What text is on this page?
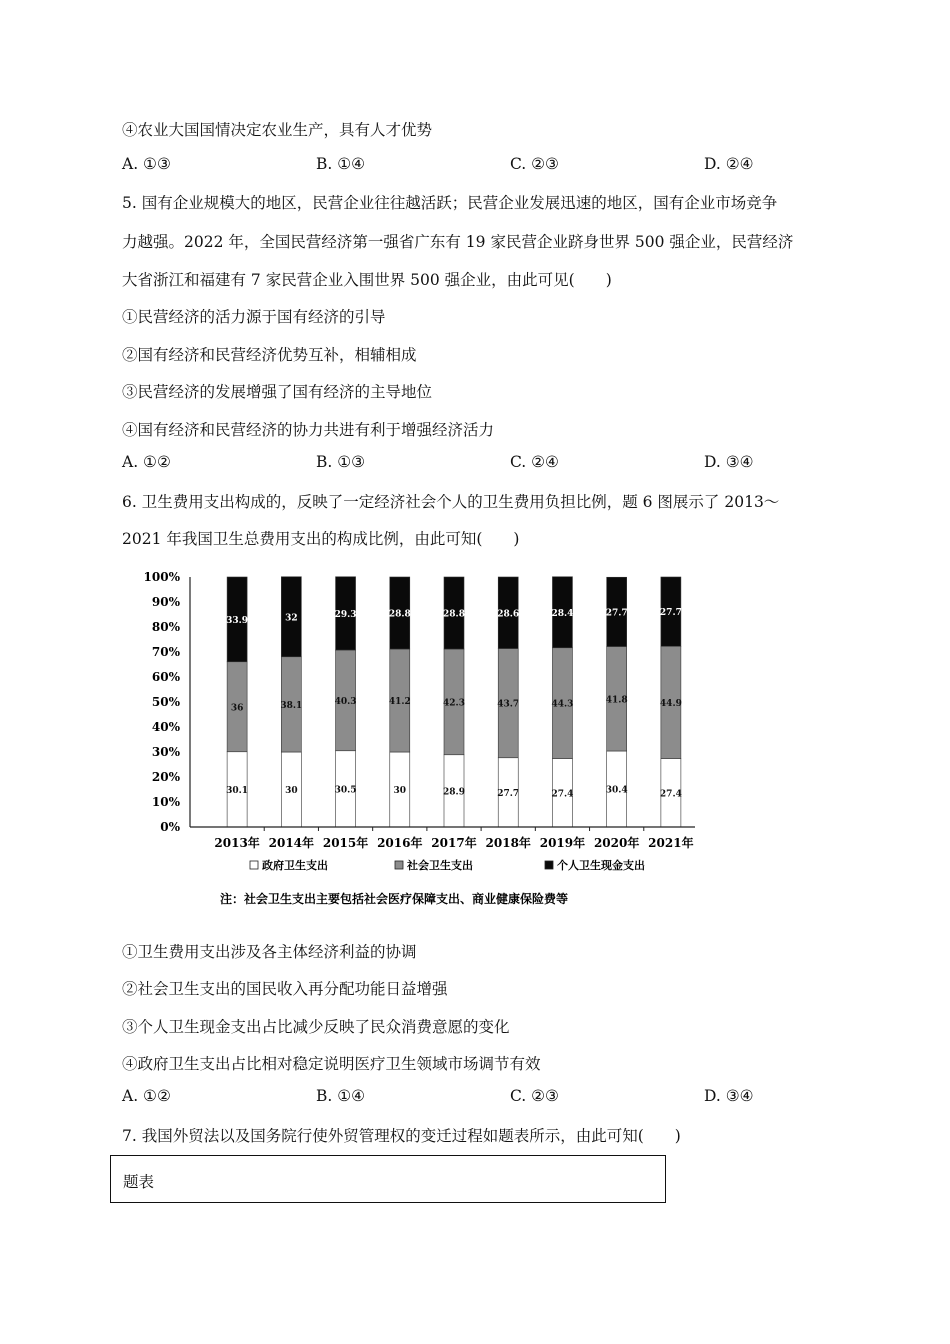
④农业大国国情决定农业生产，具有人才优势
A. ①③	B. ①④	C. ②③	D. ②④
5. 国有企业规模大的地区，民营企业往往越活跃；民营企业发展迅速的地区，国有企业市场竞争
力越强。2022 年，全国民营经济第一强省广东有 19 家民营企业跻身世界 500 强企业，民营经济
大省浙江和福建有 7 家民营企业入围世界 500 强企业，由此可见(　　)
①民营经济的活力源于国有经济的引导
②国有经济和民营经济优势互补，相辅相成
③民营经济的发展增强了国有经济的主导地位
④国有经济和民营经济的协力共进有利于增强经济活力
A. ①②	B. ①③	C. ②④	D. ③④
6. 卫生费用支出构成的，反映了一定经济社会个人的卫生费用负担比例，题 6 图展示了 2013～
2021 年我国卫生总费用支出的构成比例，由此可知(　　)
0%
10%
20%
30%
40%
50%
60%
70%
80%
90%
100%
30.1
36
33.9
30
38.1
32
30.5
40.3
29.3
30
41.2
28.8
28.9
42.3
28.8
27.7
43.7
28.6
27.4
44.3
28.4
30.4
41.8
27.7
27.4
44.9
27.7
2013年 2014年 2015年 2016年 2017年 2018年 2019年 2020年 2021年
政府卫生支出	社会卫生支出	个人卫生现金支出
注：社会卫生支出主要包括社会医疗保障支出、商业健康保险费等
①卫生费用支出涉及各主体经济利益的协调
②社会卫生支出的国民收入再分配功能日益增强
③个人卫生现金支出占比减少反映了民众消费意愿的变化
④政府卫生支出占比相对稳定说明医疗卫生领域市场调节有效
A. ①②	B. ①④	C. ②③	D. ③④
7. 我国外贸法以及国务院行使外贸管理权的变迁过程如题表所示，由此可知(　　)
题表
